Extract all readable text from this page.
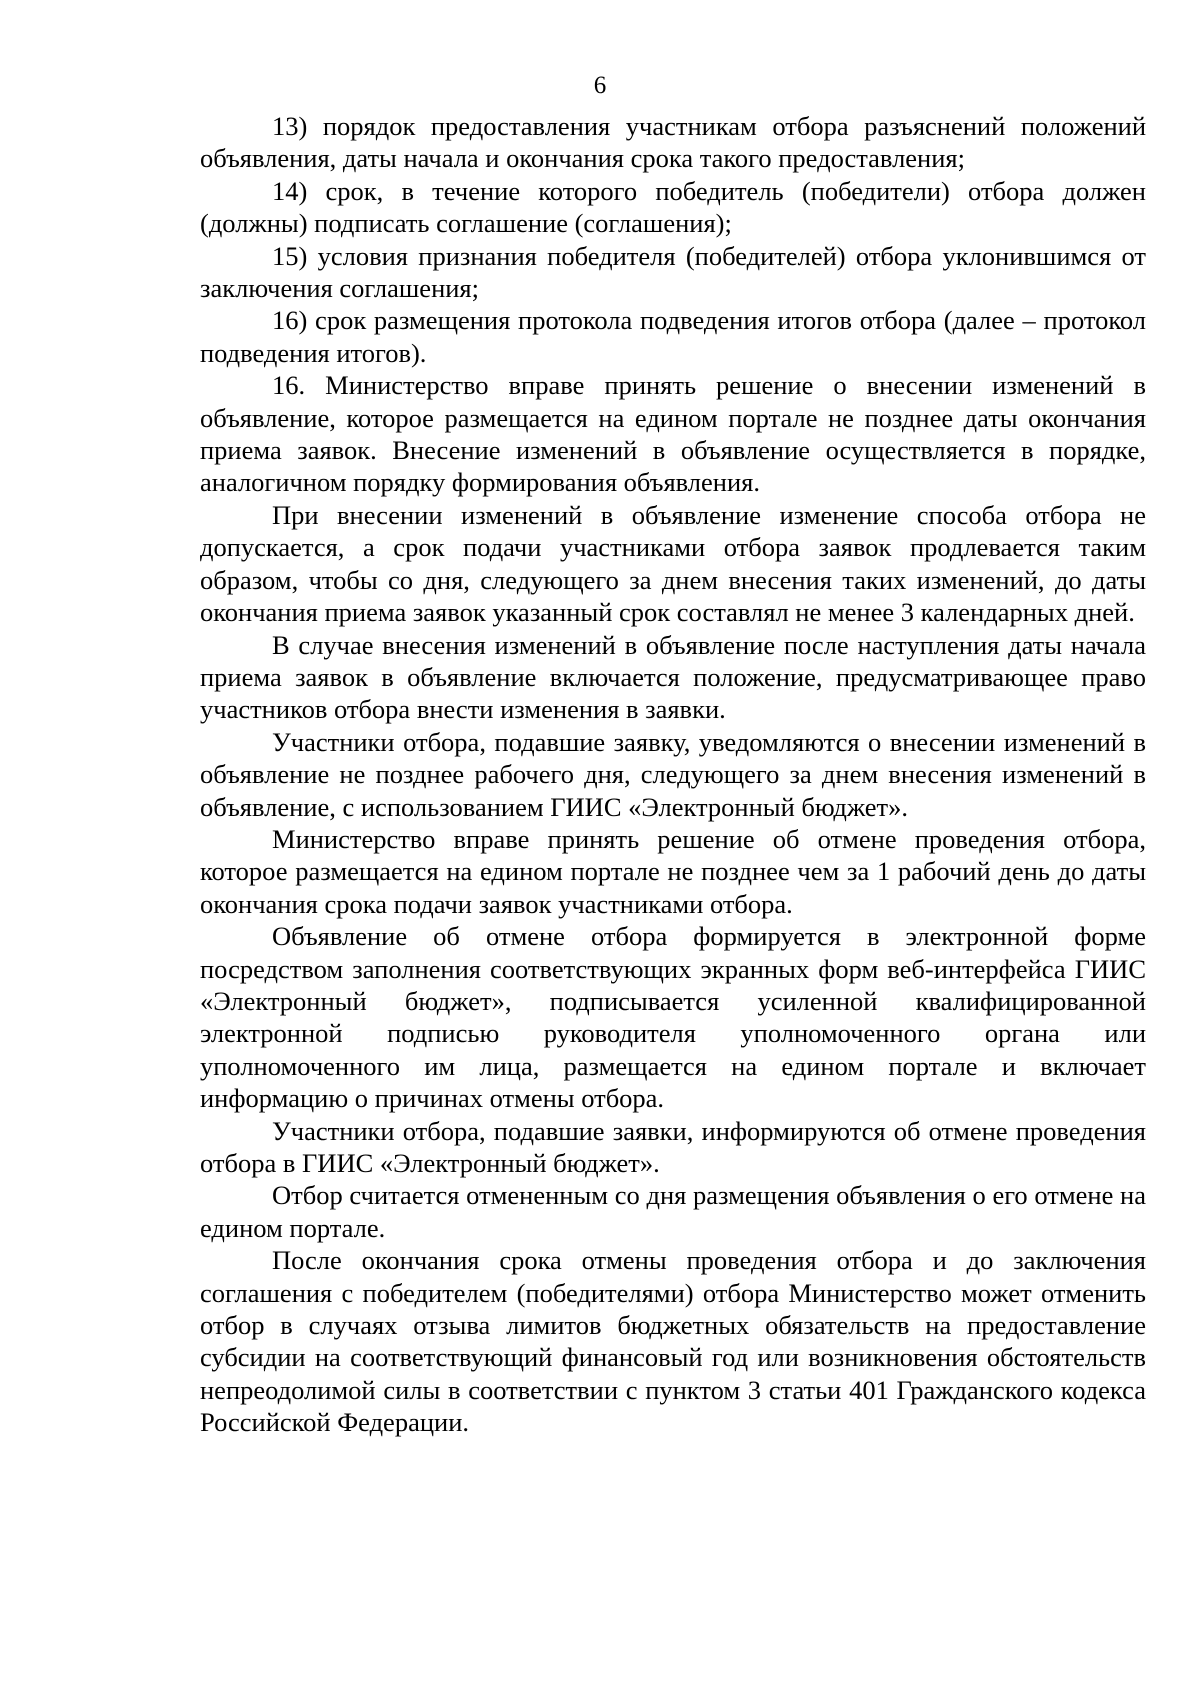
6

13) порядок предоставления участникам отбора разъяснений положений объявления, даты начала и окончания срока такого предоставления;

14) срок, в течение которого победитель (победители) отбора должен (должны) подписать соглашение (соглашения);

15) условия признания победителя (победителей) отбора уклонившимся от заключения соглашения;

16) срок размещения протокола подведения итогов отбора (далее – протокол подведения итогов).

16. Министерство вправе принять решение о внесении изменений в объявление, которое размещается на едином портале не позднее даты окончания приема заявок. Внесение изменений в объявление осуществляется в порядке, аналогичном порядку формирования объявления.

При внесении изменений в объявление изменение способа отбора не допускается, а срок подачи участниками отбора заявок продлевается таким образом, чтобы со дня, следующего за днем внесения таких изменений, до даты окончания приема заявок указанный срок составлял не менее 3 календарных дней.

В случае внесения изменений в объявление после наступления даты начала приема заявок в объявление включается положение, предусматривающее право участников отбора внести изменения в заявки.

Участники отбора, подавшие заявку, уведомляются о внесении изменений в объявление не позднее рабочего дня, следующего за днем внесения изменений в объявление, с использованием ГИИС «Электронный бюджет».

Министерство вправе принять решение об отмене проведения отбора, которое размещается на едином портале не позднее чем за 1 рабочий день до даты окончания срока подачи заявок участниками отбора.

Объявление об отмене отбора формируется в электронной форме посредством заполнения соответствующих экранных форм веб-интерфейса ГИИС «Электронный бюджет», подписывается усиленной квалифицированной электронной подписью руководителя уполномоченного органа или уполномоченного им лица, размещается на едином портале и включает информацию о причинах отмены отбора.

Участники отбора, подавшие заявки, информируются об отмене проведения отбора в ГИИС «Электронный бюджет».

Отбор считается отмененным со дня размещения объявления о его отмене на едином портале.

После окончания срока отмены проведения отбора и до заключения соглашения с победителем (победителями) отбора Министерство может отменить отбор в случаях отзыва лимитов бюджетных обязательств на предоставление субсидии на соответствующий финансовый год или возникновения обстоятельств непреодолимой силы в соответствии с пунктом 3 статьи 401 Гражданского кодекса Российской Федерации.
